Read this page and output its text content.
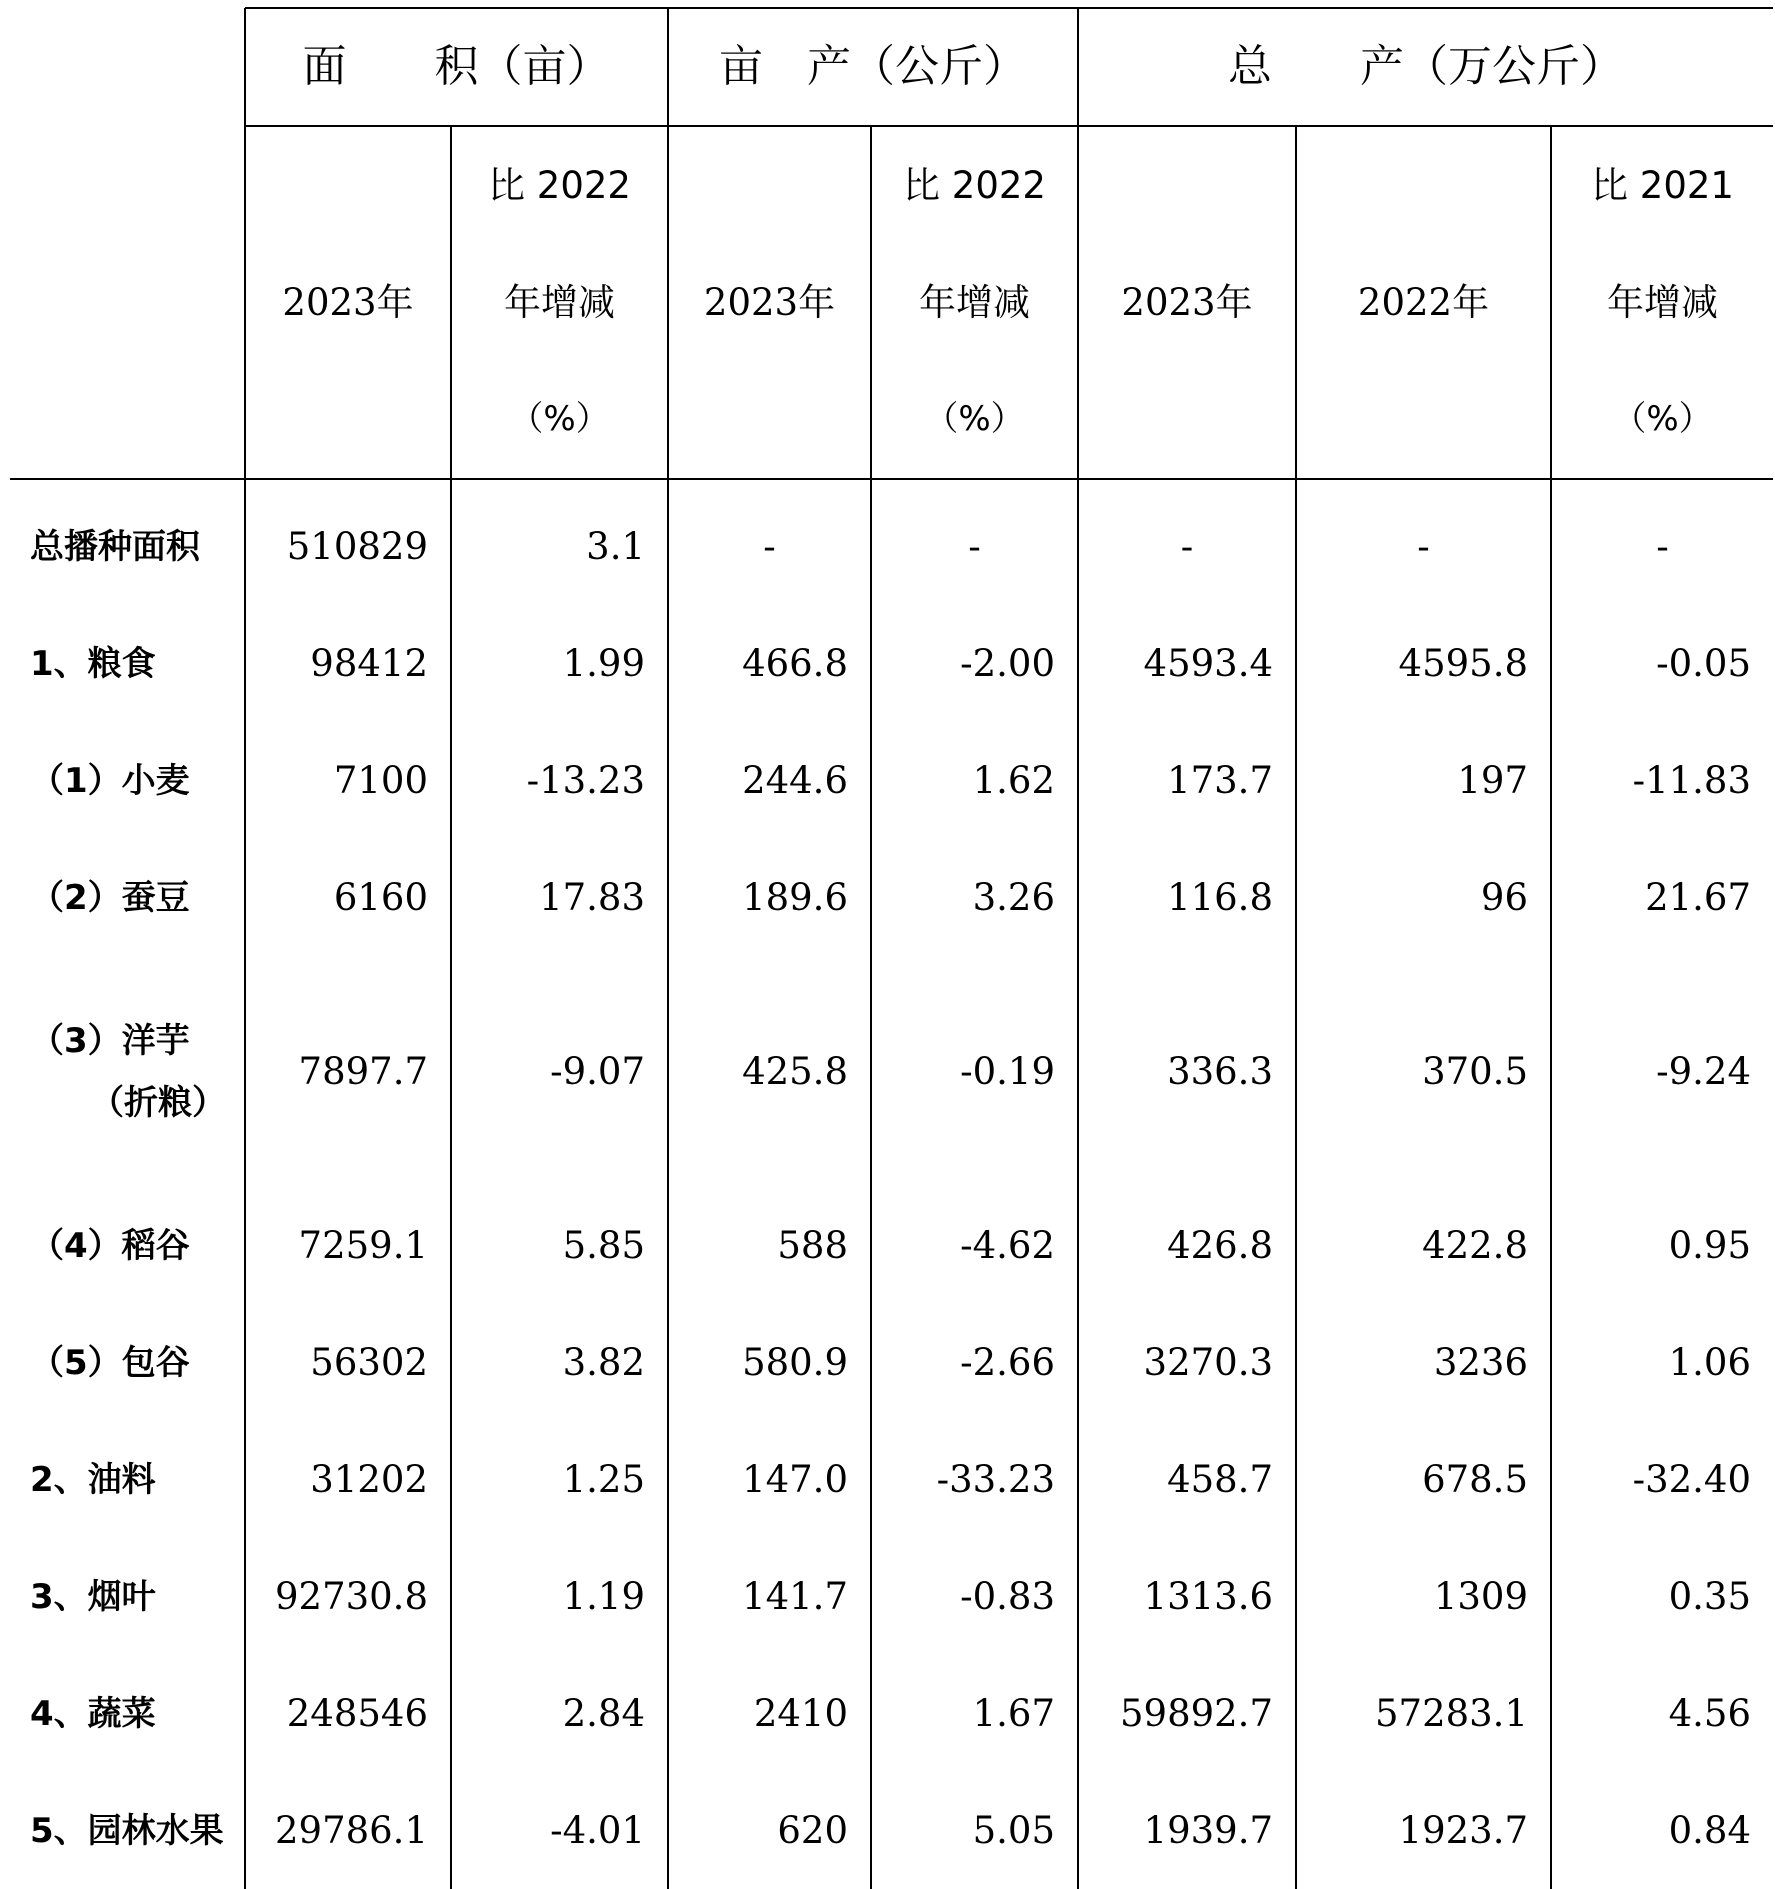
	面　　积（亩）		亩　产（公斤）		总　　产（万公斤）		

	2023年	比 2022
年增减
（%）	2023年	比 2022
年增减
（%）	2023年	2022年	比 2021
年增减
（%）

总播种面积	510829	3.1	-	-	-	-	-
1、粮食	98412	1.99	466.8	-2.00	4593.4	4595.8	-0.05
（1）小麦	7100	-13.23	244.6	1.62	173.7	197	-11.83
（2）蚕豆	6160	17.83	189.6	3.26	116.8	96	21.67

（3）洋芋
（折粮）	7897.7	-9.07	425.8	-0.19	336.3	370.5	-9.24
（4）稻谷	7259.1	5.85	588	-4.62	426.8	422.8	0.95
（5）包谷	56302	3.82	580.9	-2.66	3270.3	3236	1.06
2、油料	31202	1.25	147.0	-33.23	458.7	678.5	-32.40
3、烟叶	92730.8	1.19	141.7	-0.83	1313.6	1309	0.35
4、蔬菜	248546	2.84	2410	1.67	59892.7	57283.1	4.56
5、园林水果	29786.1	-4.01	620	5.05	1939.7	1923.7	0.84
